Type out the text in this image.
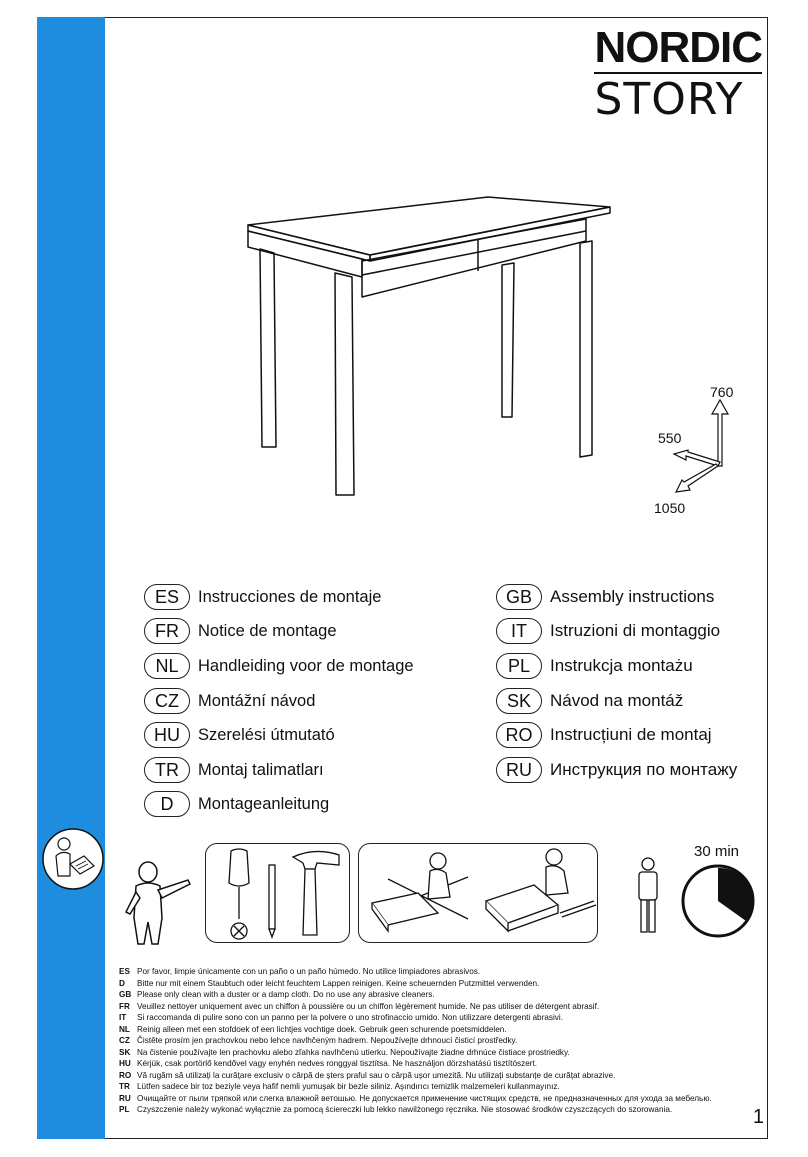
NORDIC
STORY
760
550
1050
ES	Instrucciones de montaje
FR	Notice de montage
NL	Handleiding voor de montage
CZ	Montážní návod
HU	Szerelési útmutató
TR	Montaj talimatları
D	Montageanleitung
GB	Assembly instructions
IT	Istruzioni di montaggio
PL	Instrukcja montażu
SK	Návod na montáž
RO	Instrucțiuni de montaj
RU	Инструкция по монтажу
30 min
ES Por favor, limpie únicamente con un paño o un paño húmedo. No utilice limpiadores abrasivos.
D	Bitte nur mit einem Staubtuch oder leicht feuchtem Lappen reinigen. Keine scheuernden Putzmittel verwenden.
GB Please only clean with a duster or a damp cloth. Do no use any abrasive cleaners.
FR Veuillez nettoyer uniquement avec un chiffon à poussière ou un chiffon légèrement humide. Ne pas utiliser de détergent abrasif.
IT	Si raccomanda di pulire sono con un panno per la polvere o uno strofinaccio umido. Non utilizzare detergenti abrasivi.
NL Reinig alleen met een stofdoek of een lichtjes vochtige doek. Gebruik geen schurende poetsmiddelen.
CZ Čistěte prosím jen prachovkou nebo lehce navlhčeným hadrem. Nepoužívejte drhnoucí čisticí prostředky.
SK Na čistenie používajte len prachovku alebo zľahka navlhčenú utierku. Nepoužívajte žiadne drhnúce čistiace prostriedky.
HU Kérjük, csak portörlő kendővel vagy enyhén nedves ronggyal tisztítsa. Ne használjon dörzshatású tisztítószert.
RO Vă rugăm să utilizați la curățare exclusiv o cârpă de șters praful sau o cârpă ușor umezită. Nu utilizați substanțe de curățat abrazive.
TR Lütfen sadece bir toz beziyle veya hafif nemli yumuşak bir bezle siliniz. Aşındırıcı temizlik malzemeleri kullanmayınız.
RU Очищайте от пыли тряпкой или слегка влажной ветошью. Не допускается применение чистящих средств, не предназначенных для ухода за мебелью.
PL Czyszczenie należy wykonać wyłącznie za pomocą ściereczki lub lekko nawilżonego ręcznika. Nie stosować środków czyszczących do szorowania.	1
